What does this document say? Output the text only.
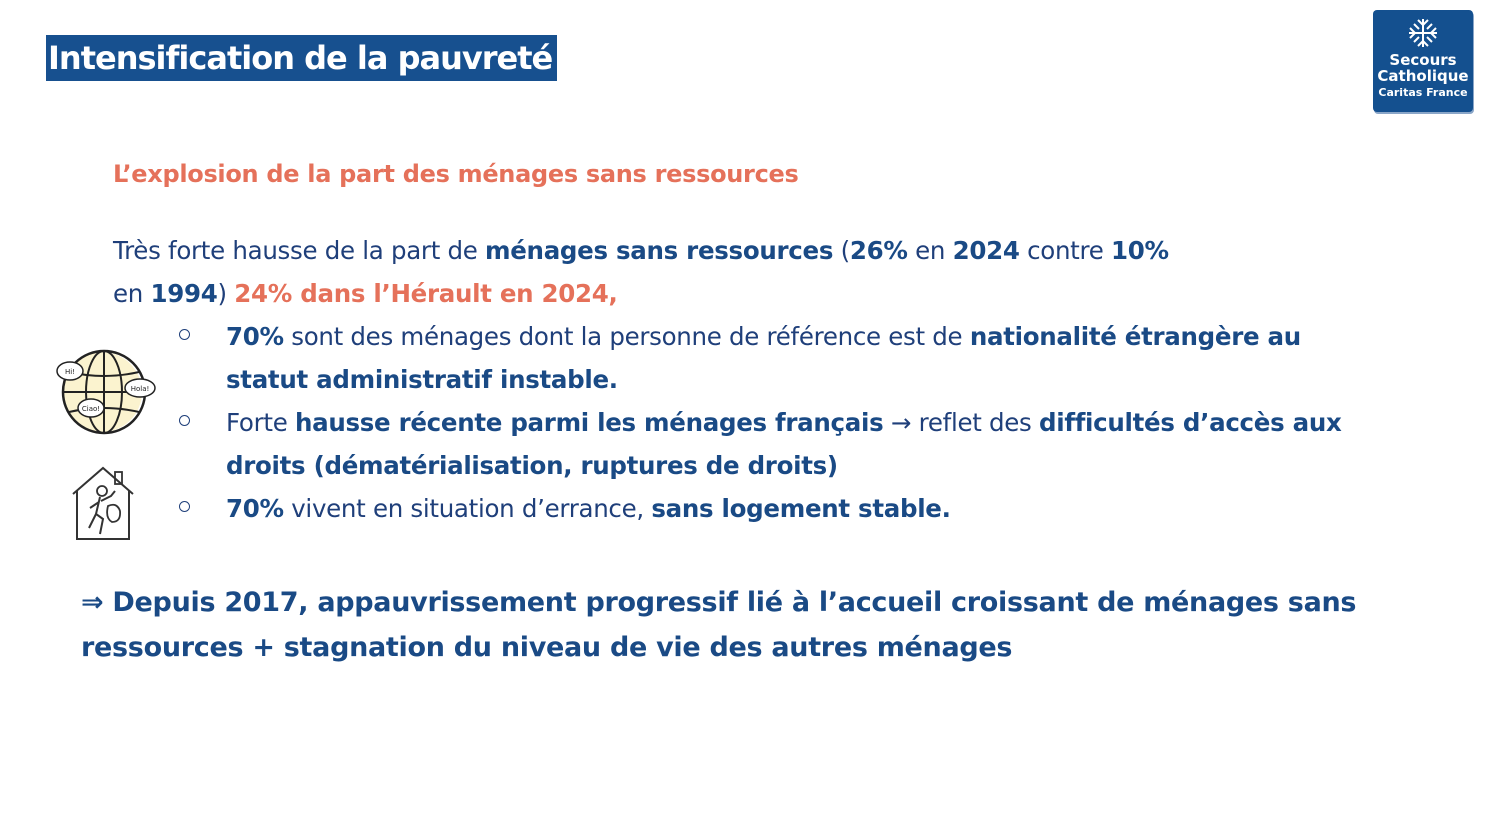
Intensification de la pauvreté	Secours
Catholique
Caritas France
L’explosion de la part des ménages sans ressources
Très forte hausse de la part de ménages sans ressources (26% en 2024 contre 10%
en 1994) 24% dans l’Hérault en 2024,
70% sont des ménages dont la personne de référence est de nationalité étrangère au statut administratif instable.
Forte hausse récente parmi les ménages français → reflet des difficultés d’accès aux droits (dématérialisation, ruptures de droits)
70% vivent en situation d’errance, sans logement stable.
Hi!
Hola!
Ciao!
⇒ Depuis 2017, appauvrissement progressif lié à l’accueil croissant de ménages sans ressources + stagnation du niveau de vie des autres ménages
